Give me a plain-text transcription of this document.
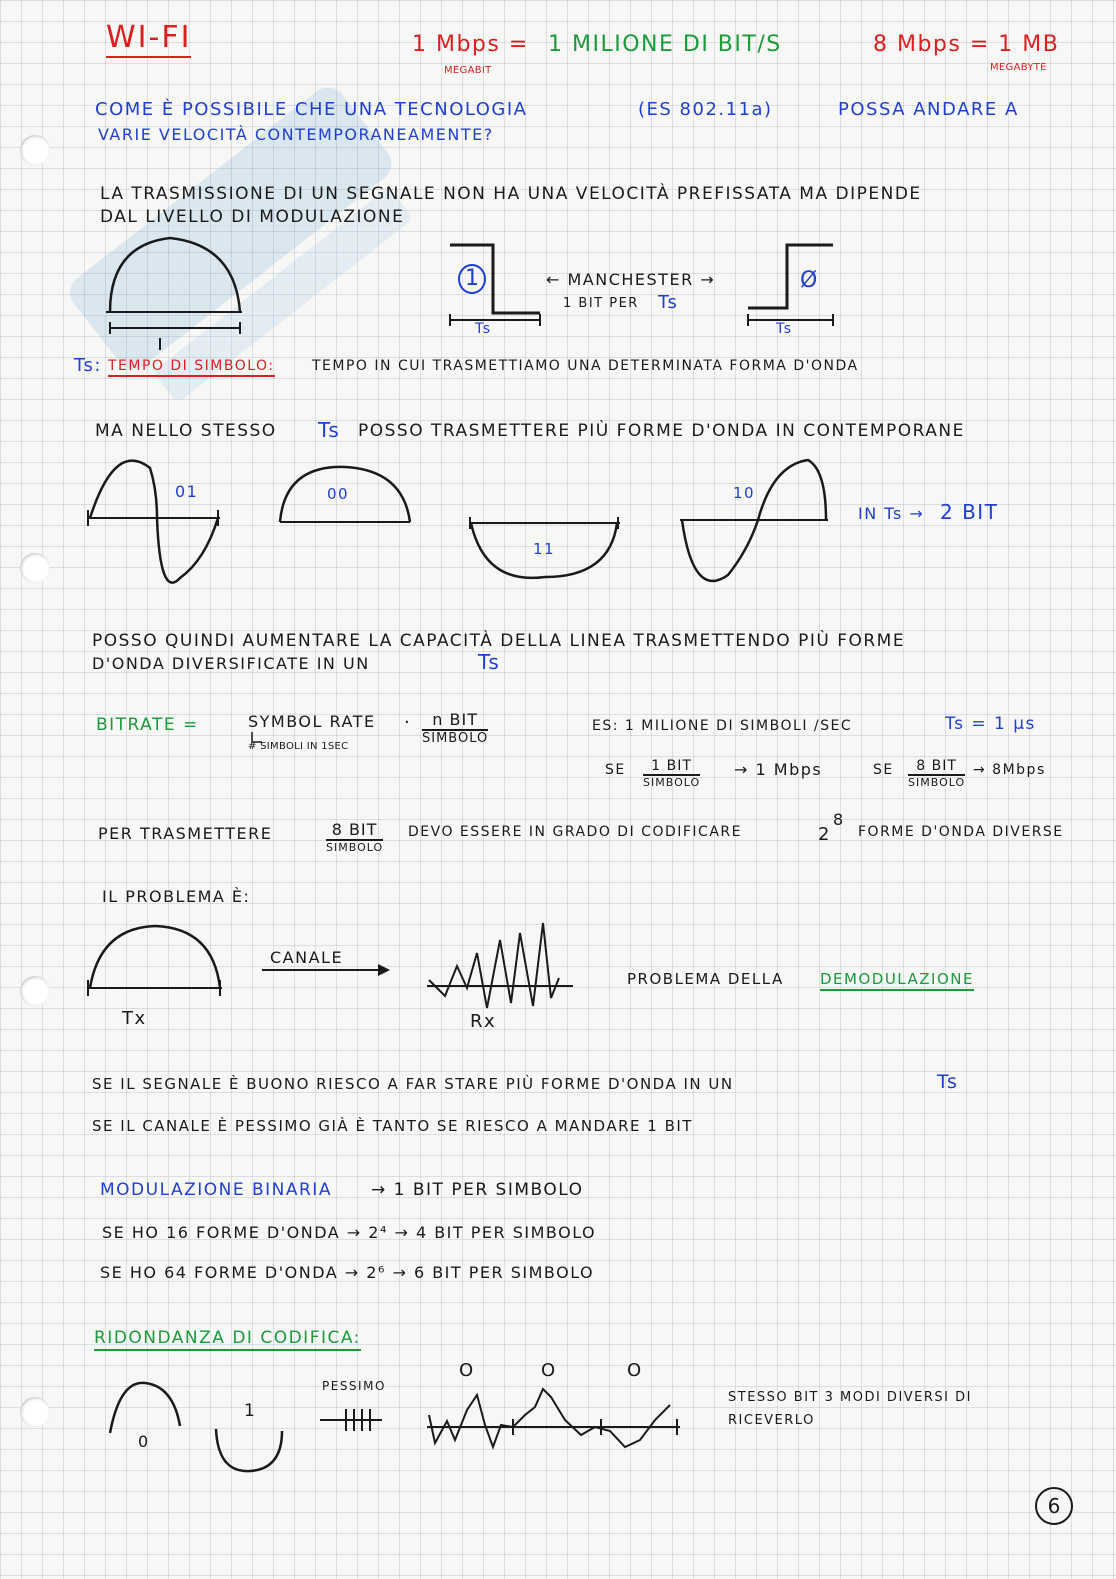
WI-FI	1 Mbps = 1 MILIONE DI BIT/S
MEGABIT
8 Mbps = 1 MB
MEGABYTE
COME È POSSIBILE CHE UNA TECNOLOGIA	(ES 802.11a)	POSSA ANDARE A
VARIE VELOCITÀ CONTEMPORANEAMENTE?
LA TRASMISSIONE DI UN SEGNALE NON HA UNA VELOCITÀ PREFISSATA MA DIPENDE
DAL LIVELLO DI MODULAZIONE
1
Ts
← MANCHESTER →
1 BIT PER Ts
Ø
Ts
Ts: TEMPO DI SIMBOLO:	TEMPO IN CUI TRASMETTIAMO UNA DETERMINATA FORMA D'ONDA
MA NELLO STESSO Ts POSSO TRASMETTERE PIÙ FORME D'ONDA IN CONTEMPORANE
01	00
11
10
IN Ts → 2 BIT
POSSO QUINDI AUMENTARE LA CAPACITÀ DELLA LINEA TRASMETTENDO PIÙ FORME
D'ONDA DIVERSIFICATE IN UN	Ts
BITRATE =	SYMBOL RATE ·	n BIT
SIMBOLO
# SIMBOLI IN 1SEC
ES: 1 MILIONE DI SIMBOLI /SEC	Ts = 1 μs
SE	1 BIT
SIMBOLO
→ 1 Mbps	SE	8 BIT
SIMBOLO
→ 8Mbps
PER TRASMETTERE	8 BIT
SIMBOLO
DEVO ESSERE IN GRADO DI CODIFICARE	2
8
FORME D'ONDA DIVERSE
IL PROBLEMA È:
Tx
CANALE
Rx
PROBLEMA DELLA DEMODULAZIONE
SE IL SEGNALE È BUONO RIESCO A FAR STARE PIÙ FORME D'ONDA IN UN	Ts
SE IL CANALE È PESSIMO GIÀ È TANTO SE RIESCO A MANDARE 1 BIT
MODULAZIONE BINARIA → 1 BIT PER SIMBOLO
SE HO 16 FORME D'ONDA → 2⁴ → 4 BIT PER SIMBOLO
SE HO 64 FORME D'ONDA → 2⁶ → 6 BIT PER SIMBOLO
RIDONDANZA DI CODIFICA:
0
1
PESSIMO
O	O	O
STESSO BIT 3 MODI DIVERSI DI
RICEVERLO
6
